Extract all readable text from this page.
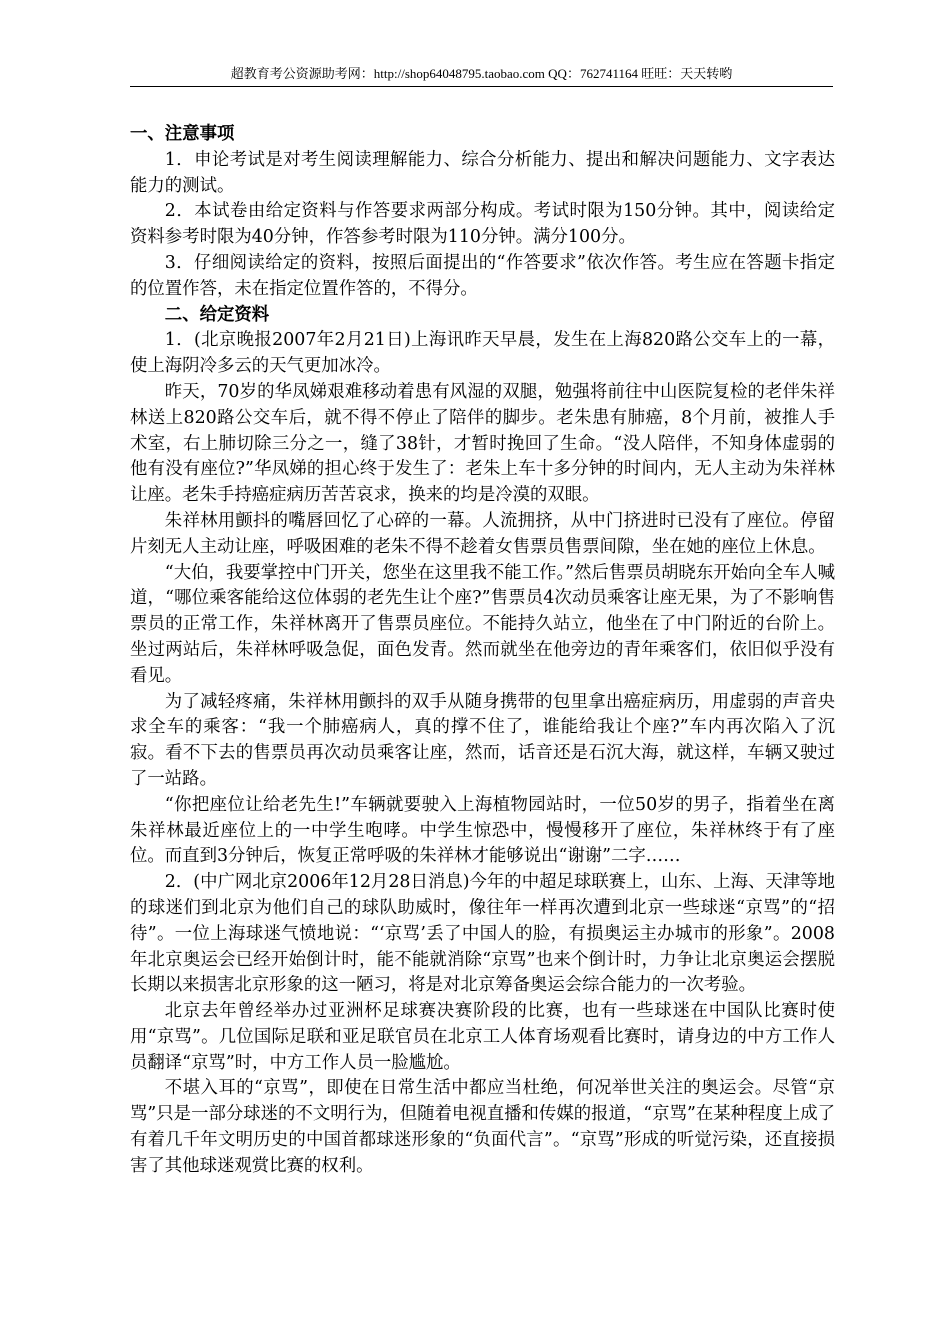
超教育考公资源助考网：http://shop64048795.taobao.com QQ：762741164 旺旺：天天转哟

一、注意事项

1．申论考试是对考生阅读理解能力、综合分析能力、提出和解决问题能力、文字表达能力的测试。

2．本试卷由给定资料与作答要求两部分构成。考试时限为150分钟。其中，阅读给定资料参考时限为40分钟，作答参考时限为110分钟。满分100分。

3．仔细阅读给定的资料，按照后面提出的“作答要求”依次作答。考生应在答题卡指定的位置作答，未在指定位置作答的，不得分。

二、给定资料

1．(北京晚报2007年2月21日)上海讯昨天早晨，发生在上海820路公交车上的一幕，使上海阴冷多云的天气更加冰冷。

昨天，70岁的华凤娣艰难移动着患有风湿的双腿，勉强将前往中山医院复检的老伴朱祥林送上820路公交车后，就不得不停止了陪伴的脚步。老朱患有肺癌，8个月前，被推人手术室，右上肺切除三分之一，缝了38针，才暂时挽回了生命。“没人陪伴，不知身体虚弱的他有没有座位?”华凤娣的担心终于发生了：老朱上车十多分钟的时间内，无人主动为朱祥林让座。老朱手持癌症病历苦苦哀求，换来的均是冷漠的双眼。

朱祥林用颤抖的嘴唇回忆了心碎的一幕。人流拥挤，从中门挤进时已没有了座位。停留片刻无人主动让座，呼吸困难的老朱不得不趁着女售票员售票间隙，坐在她的座位上休息。

“大伯，我要掌控中门开关，您坐在这里我不能工作。”然后售票员胡晓东开始向全车人喊道，“哪位乘客能给这位体弱的老先生让个座?”售票员4次动员乘客让座无果，为了不影响售票员的正常工作，朱祥林离开了售票员座位。不能持久站立，他坐在了中门附近的台阶上。坐过两站后，朱祥林呼吸急促，面色发青。然而就坐在他旁边的青年乘客们，依旧似乎没有看见。

为了减轻疼痛，朱祥林用颤抖的双手从随身携带的包里拿出癌症病历，用虚弱的声音央求全车的乘客：“我一个肺癌病人，真的撑不住了，谁能给我让个座?”车内再次陷入了沉寂。看不下去的售票员再次动员乘客让座，然而，话音还是石沉大海，就这样，车辆又驶过了一站路。

“你把座位让给老先生!”车辆就要驶入上海植物园站时，一位50岁的男子，指着坐在离朱祥林最近座位上的一中学生咆哮。中学生惊恐中，慢慢移开了座位，朱祥林终于有了座位。而直到3分钟后，恢复正常呼吸的朱祥林才能够说出“谢谢”二字……

2．(中广网北京2006年12月28日消息)今年的中超足球联赛上，山东、上海、天津等地的球迷们到北京为他们自己的球队助威时，像往年一样再次遭到北京一些球迷“京骂”的“招待”。一位上海球迷气愤地说：“‘京骂’丢了中国人的脸，有损奥运主办城市的形象”。2008年北京奥运会已经开始倒计时，能不能就消除“京骂”也来个倒计时，力争让北京奥运会摆脱长期以来损害北京形象的这一陋习，将是对北京筹备奥运会综合能力的一次考验。

北京去年曾经举办过亚洲杯足球赛决赛阶段的比赛，也有一些球迷在中国队比赛时使用“京骂”。几位国际足联和亚足联官员在北京工人体育场观看比赛时，请身边的中方工作人员翻译“京骂”时，中方工作人员一脸尴尬。

不堪入耳的“京骂”，即使在日常生活中都应当杜绝，何况举世关注的奥运会。尽管“京骂”只是一部分球迷的不文明行为，但随着电视直播和传媒的报道，“京骂”在某种程度上成了有着几千年文明历史的中国首都球迷形象的“负面代言”。“京骂”形成的听觉污染，还直接损害了其他球迷观赏比赛的权利。
